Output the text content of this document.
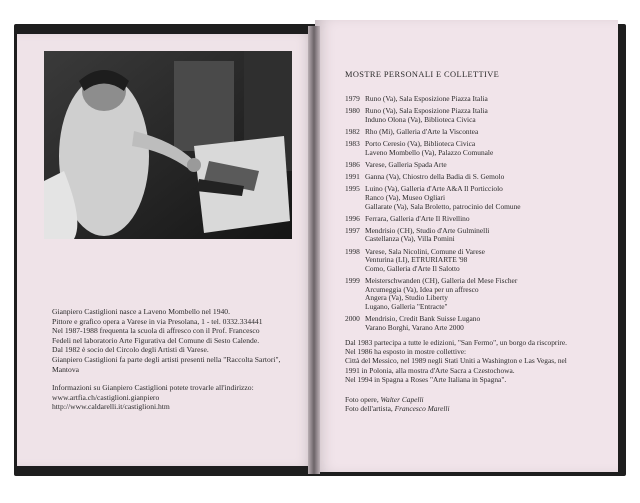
Gianpiero Castiglioni nasce a Laveno Mombello nel 1940.

Pittore e grafico opera a Varese in via Presolana, 1 - tel. 0332.334441

Nel 1987-1988 frequenta la scuola di affresco con il Prof. Francesco

Fedeli nel laboratorio Arte Figurativa del Comune di Sesto Calende.

Dal 1982 è socio del Circolo degli Artisti di Varese.

Gianpiero Castiglioni fa parte degli artisti presenti nella "Raccolta Sartori",

Mantova

Informazioni su Gianpiero Castiglioni potete trovarle all'indirizzo:

www.artfia.ch/castiglioni.gianpiero

http://www.caldarelli.it/castiglioni.htm

MOSTRE PERSONALI E COLLETTIVE
1979 Runo (Va), Sala Esposizione Piazza Italia
1980 Runo (Va), Sala Esposizione Piazza Italia
Induno Olona (Va), Biblioteca Civica
1982 Rho (Mi), Galleria d'Arte la Visconteа
1983 Porto Ceresio (Va), Biblioteca Civica
Laveno Mombello (Va), Palazzo Comunale
1986 Varese, Galleria Spada Arte
1991 Ganna (Va), Chiostro della Badia di S. Gemolo
1995 Luino (Va), Galleria d'Arte A&A Il Porticciolo
Ranco (Va), Museo Ogliari
Gallarate (Va), Sala Broletto, patrocinio del Comune
1996 Ferrara, Galleria d'Arte Il Rivellino
1997 Mendrisio (CH), Studio d'Arte Gulminelli
Castellanza (Va), Villa Pomini
1998 Varese, Sala Nicolini, Comune di Varese
Venturina (LI), ETRURIARTE '98
Como, Galleria d'Arte Il Salotto
1999 Meisterschwanden (CH), Galleria del Mese Fischer
Arcumeggia (Va), Idea per un affresco
Angera (Va), Studio Liberty
Lugano, Galleria "Entracte"
2000 Mendrisio, Credit Bank Suisse Lugano
Varano Borghi, Varano Arte 2000

Dal 1983 partecipa a tutte le edizioni, "San Fermo", un borgo da riscoprire.

Nel 1986 ha esposto in mostre collettive:

Città del Messico, nel 1989 negli Stati Uniti a Washington e Las Vegas, nel

1991 in Polonia, alla mostra d'Arte Sacra a Czestochowa.

Nel 1994 in Spagna a Roses "Arte Italiana in Spagna".

Foto opere, Walter Capelli

Foto dell'artista, Francesco Marelli
